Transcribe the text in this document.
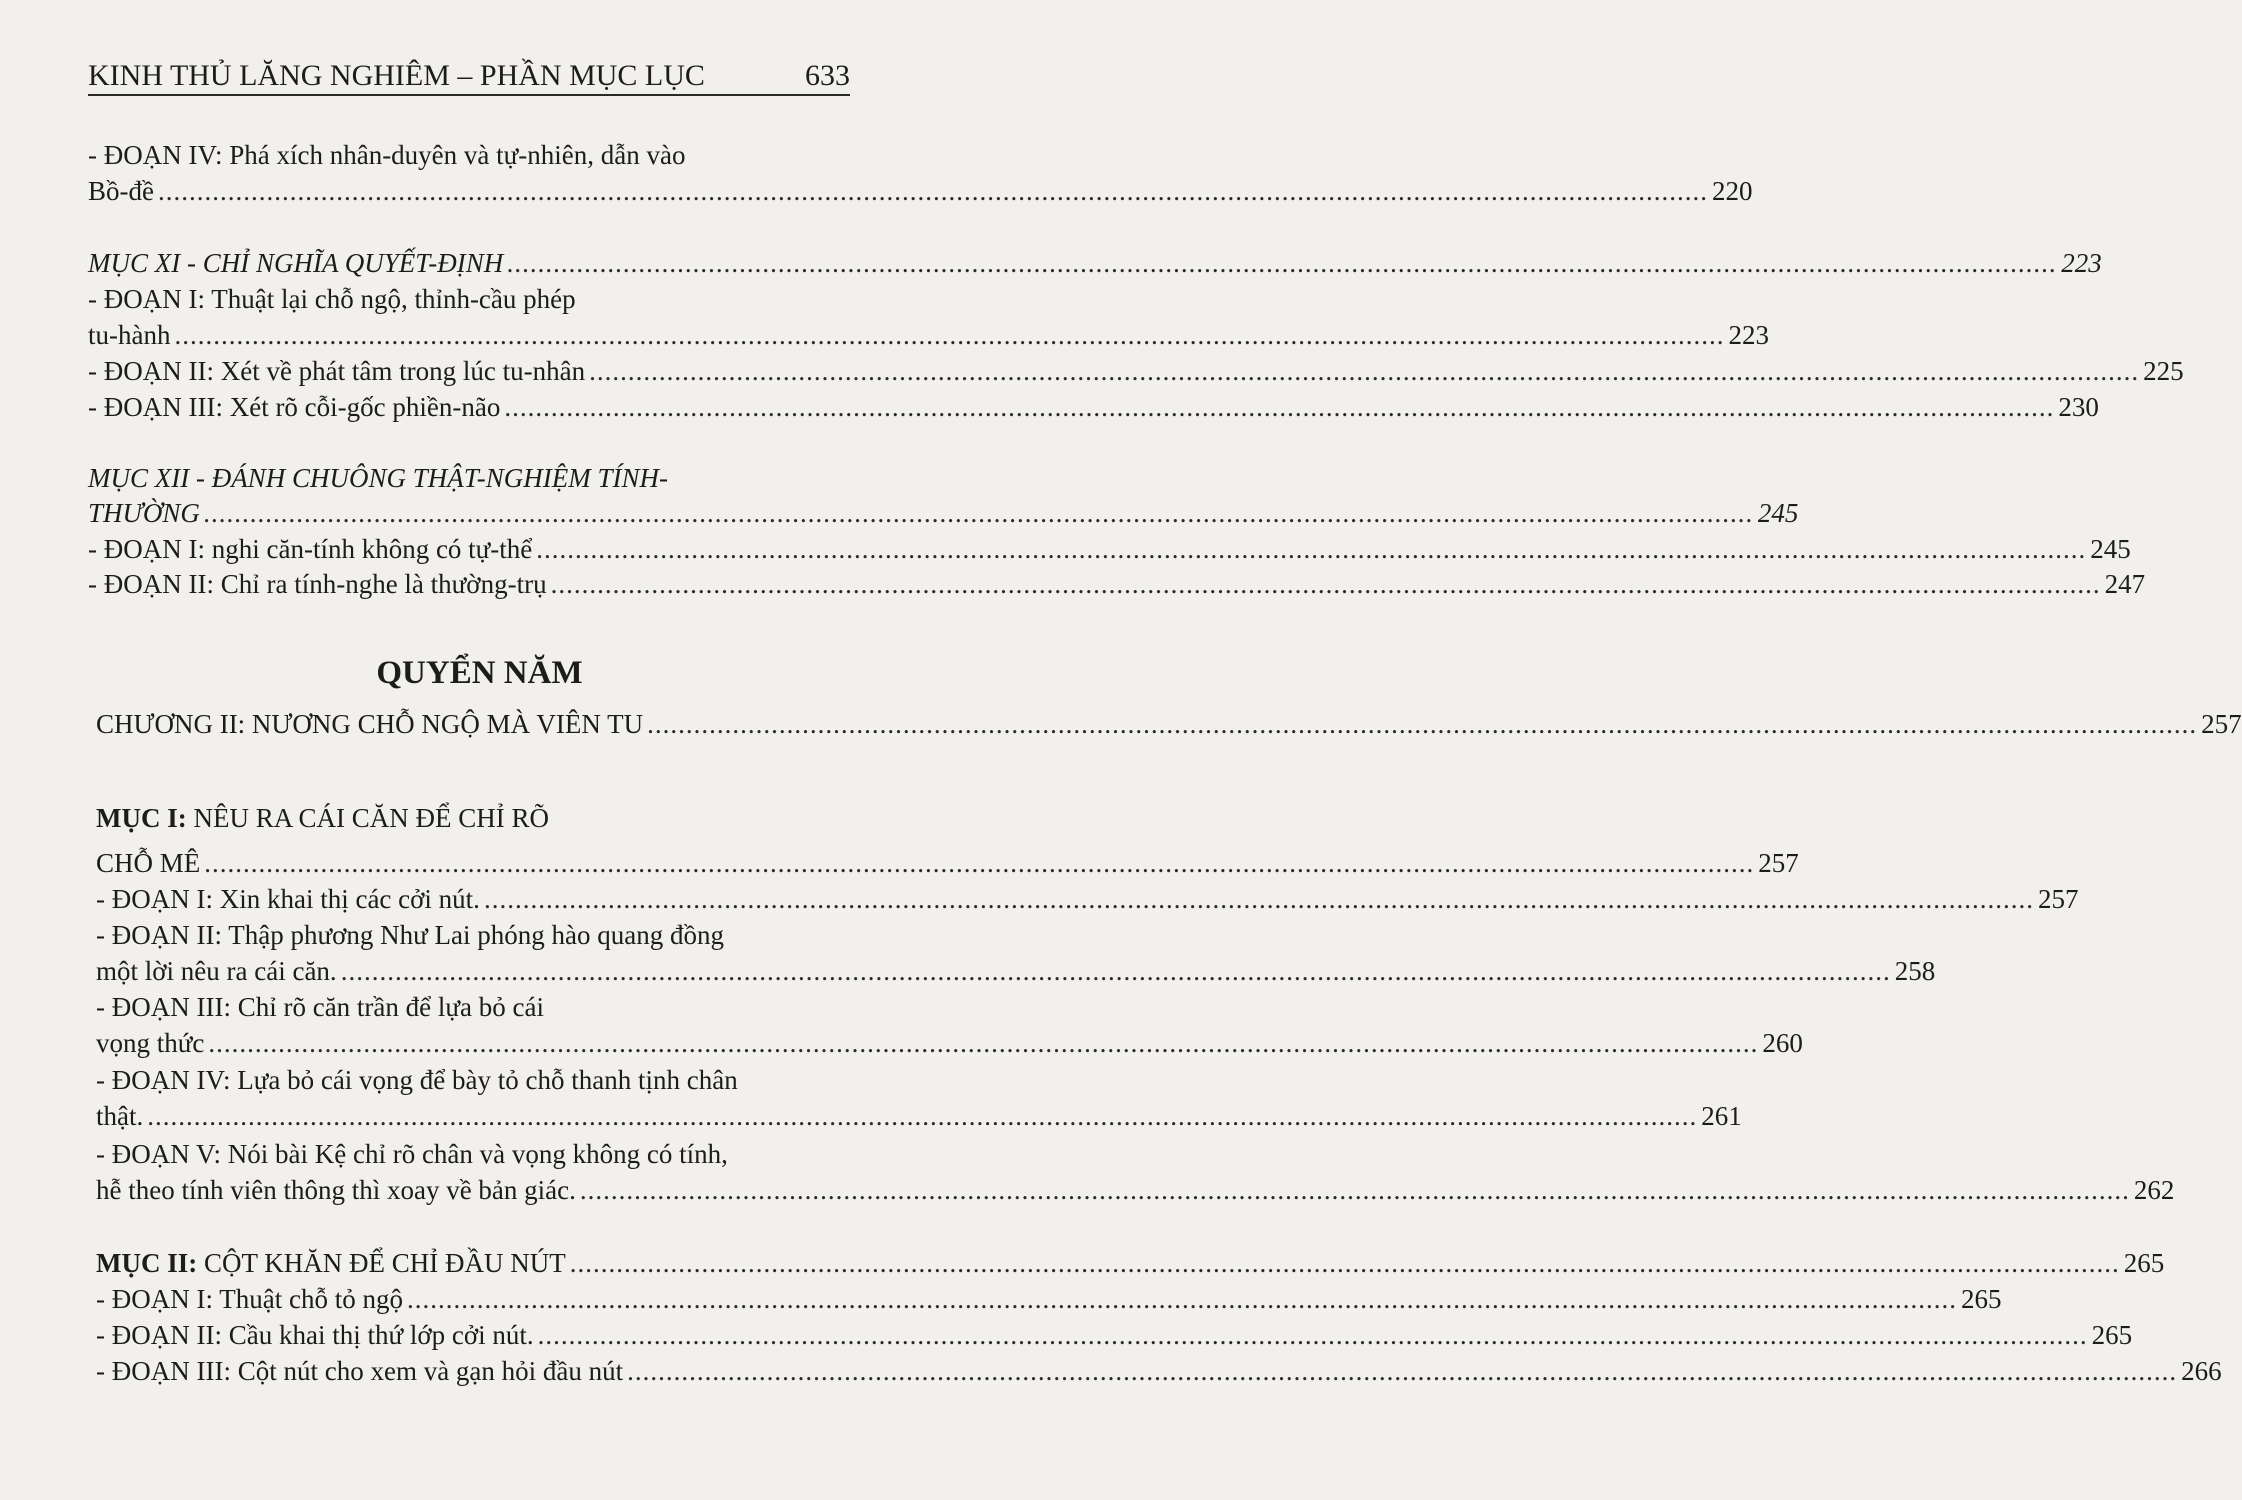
KINH THỦ LĂNG NGHIÊM – PHẦN MỤC LỤC	633
- ĐOẠN IV: Phá xích nhân-duyên và tự-nhiên, dẫn vào
Bồ-đề ........................................................................................................................................................................................................ 220
MỤC XI - CHỈ NGHĨA QUYẾT-ĐỊNH ........................................................................................................................................................................................................ 223
- ĐOẠN I: Thuật lại chỗ ngộ, thỉnh-cầu phép
tu-hành ........................................................................................................................................................................................................ 223
- ĐOẠN II: Xét về phát tâm trong lúc tu-nhân ........................................................................................................................................................................................................ 225
- ĐOẠN III: Xét rõ cỗi-gốc phiền-não ........................................................................................................................................................................................................ 230
MỤC XII - ĐÁNH CHUÔNG THẬT-NGHIỆM TÍNH-
THƯỜNG ........................................................................................................................................................................................................ 245
- ĐOẠN I: nghi căn-tính không có tự-thể ........................................................................................................................................................................................................ 245
- ĐOẠN II: Chỉ ra tính-nghe là thường-trụ ........................................................................................................................................................................................................ 247
QUYỂN NĂM
CHƯƠNG II: NƯƠNG CHỖ NGỘ MÀ VIÊN TU ........................................................................................................................................................................................................ 257
MỤC I: NÊU RA CÁI CĂN ĐỂ CHỈ RÕ
CHỖ MÊ ........................................................................................................................................................................................................ 257
- ĐOẠN I: Xin khai thị các cởi nút. ........................................................................................................................................................................................................ 257
- ĐOẠN II: Thập phương Như Lai phóng hào quang đồng
một lời nêu ra cái căn. ........................................................................................................................................................................................................ 258
- ĐOẠN III: Chỉ rõ căn trần để lựa bỏ cái
vọng thức ........................................................................................................................................................................................................ 260
- ĐOẠN IV: Lựa bỏ cái vọng để bày tỏ chỗ thanh tịnh chân
thật. ........................................................................................................................................................................................................ 261
- ĐOẠN V: Nói bài Kệ chỉ rõ chân và vọng không có tính,
hễ theo tính viên thông thì xoay về bản giác. ........................................................................................................................................................................................................ 262
MỤC II: CỘT KHĂN ĐỂ CHỈ ĐẦU NÚT ........................................................................................................................................................................................................ 265
- ĐOẠN I: Thuật chỗ tỏ ngộ ........................................................................................................................................................................................................ 265
- ĐOẠN II: Cầu khai thị thứ lớp cởi nút. ........................................................................................................................................................................................................ 265
- ĐOẠN III: Cột nút cho xem và gạn hỏi đầu nút ........................................................................................................................................................................................................ 266
